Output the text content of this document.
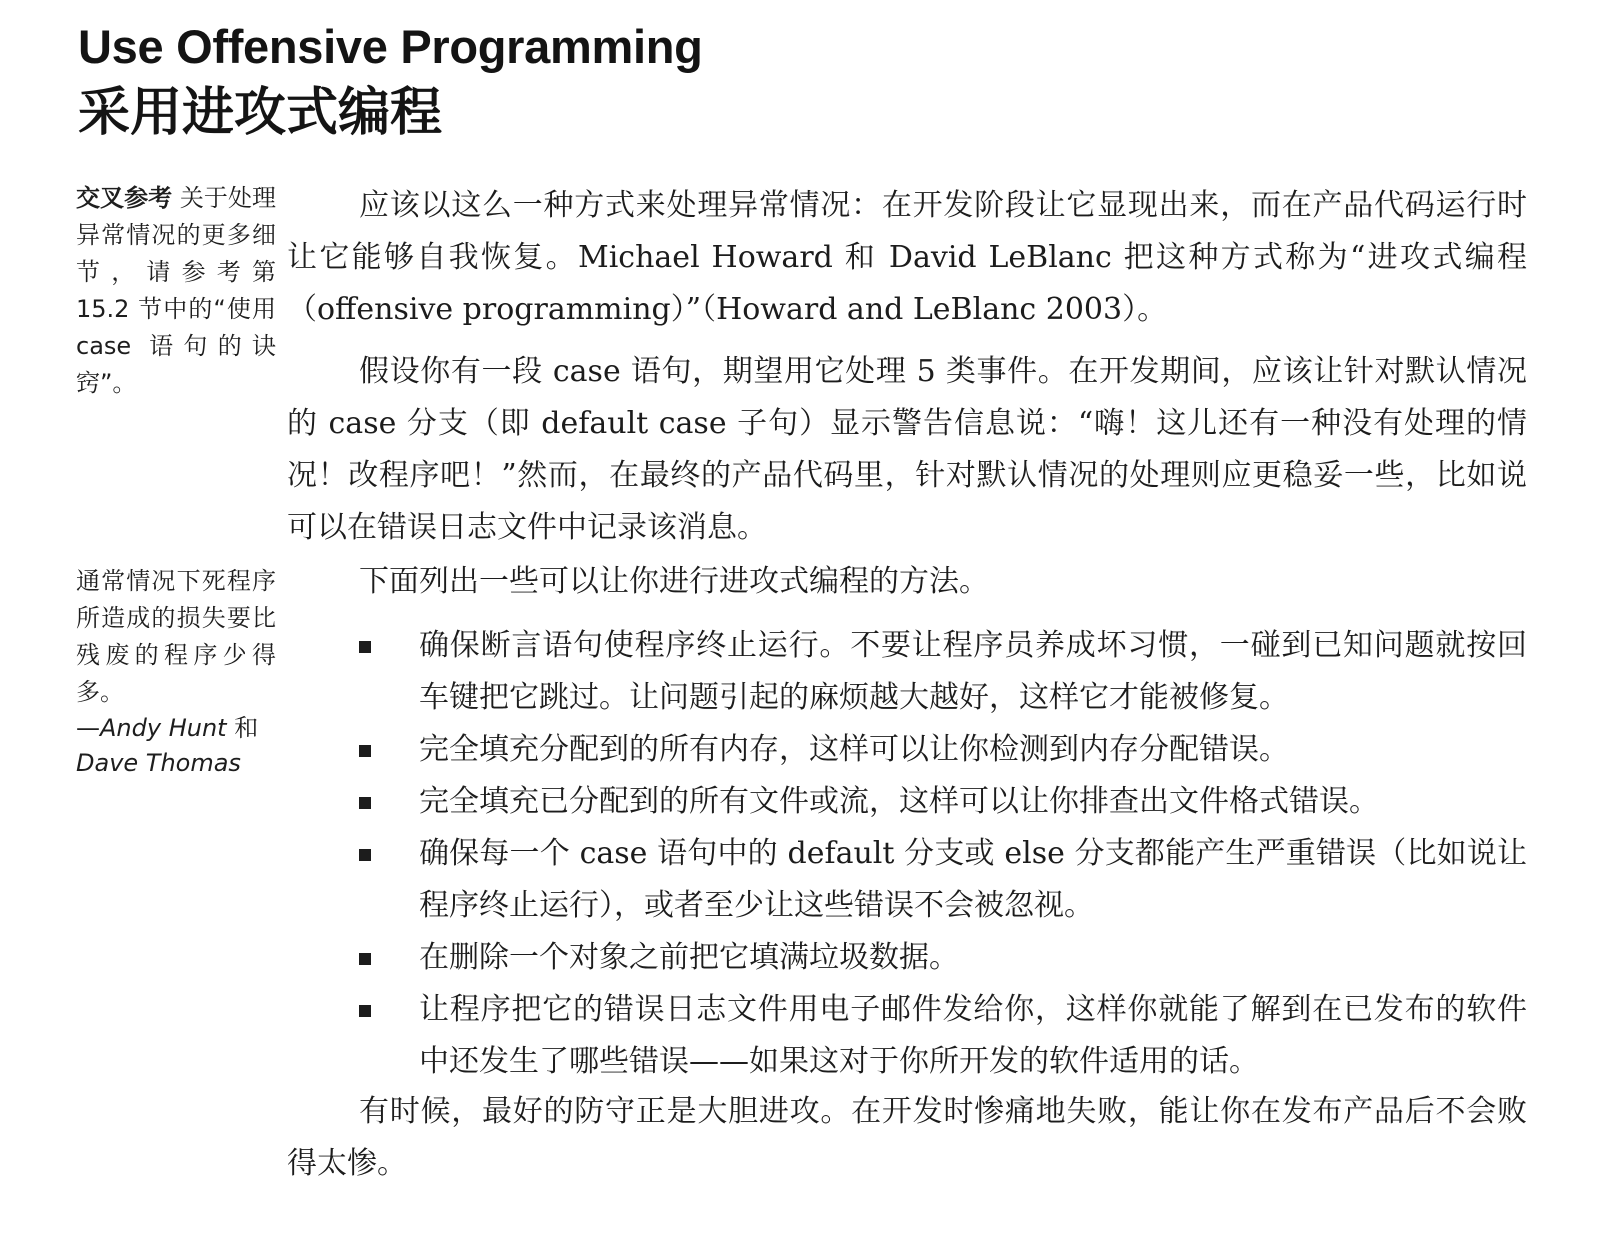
Use Offensive Programming
采用进攻式编程
交叉参考 关于处理异常情况的更多细节，请参考第 15.2 节中的“使用 case 语句的诀窍”。
通常情况下死程序所造成的损失要比残废的程序少得多。
—Andy Hunt 和
Dave Thomas

应该以这么一种方式来处理异常情况：在开发阶段让它显现出来，而在产品代码运行时让它能够自我恢复。Michael Howard 和 David LeBlanc 把这种方式称为“进攻式编程（offensive programming）”（Howard and LeBlanc 2003）。

假设你有一段 case 语句，期望用它处理 5 类事件。在开发期间，应该让针对默认情况的 case 分支（即 default case 子句）显示警告信息说：“嗨！这儿还有一种没有处理的情况！改程序吧！”然而，在最终的产品代码里，针对默认情况的处理则应更稳妥一些，比如说可以在错误日志文件中记录该消息。

下面列出一些可以让你进行进攻式编程的方法。

确保断言语句使程序终止运行。不要让程序员养成坏习惯，一碰到已知问题就按回车键把它跳过。让问题引起的麻烦越大越好，这样它才能被修复。
完全填充分配到的所有内存，这样可以让你检测到内存分配错误。
完全填充已分配到的所有文件或流，这样可以让你排查出文件格式错误。
确保每一个 case 语句中的 default 分支或 else 分支都能产生严重错误（比如说让程序终止运行），或者至少让这些错误不会被忽视。
在删除一个对象之前把它填满垃圾数据。
让程序把它的错误日志文件用电子邮件发给你，这样你就能了解到在已发布的软件中还发生了哪些错误——如果这对于你所开发的软件适用的话。

有时候，最好的防守正是大胆进攻。在开发时惨痛地失败，能让你在发布产品后不会败得太惨。
